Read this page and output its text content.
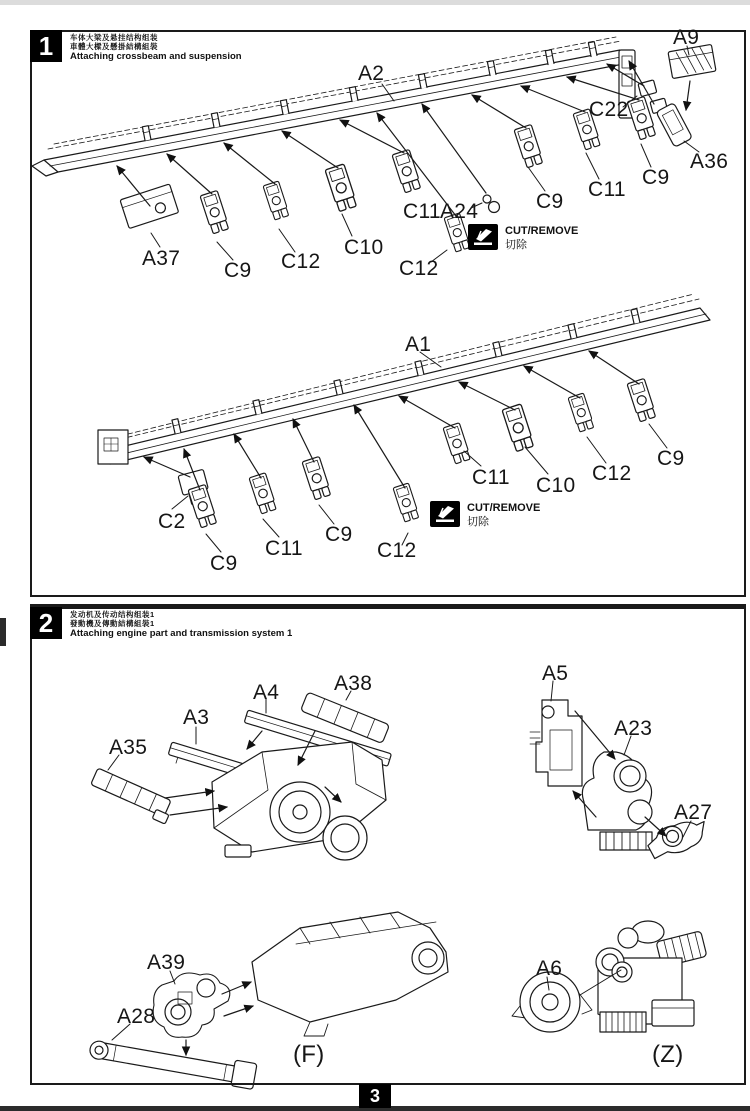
1 车体大梁及悬挂结构组装
車體大樑及懸掛結構組裝
Attaching crossbeam and suspension
2 发动机及传动结构组装1
發動機及傳動結構組裝1
Attaching engine part and transmission system 1
A2
A9
C22
A36
A37
C9 C12
C10
C11 A24
C12
C9
C11
C9
A1
C2
C9
C11
C9
C12
C11 C10
C12
C9
A3
A4	A38
A35
A5
A23
A27
A39
A28
A6
(F)	(Z)
CUT/REMOVE
切除
CUT/REMOVE
切除
3
